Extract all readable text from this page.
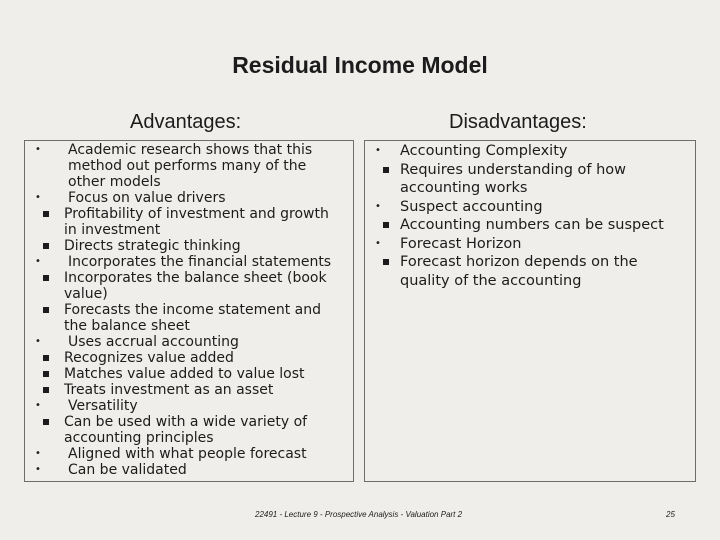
Residual Income Model
Advantages:	Disadvantages:
•	Academic research shows that this method out performs many of the other models
•	Focus on value drivers
Profitability of investment and growth in investment
Directs strategic thinking
•	Incorporates the financial statements
Incorporates the balance sheet (book value)
Forecasts the income statement and the balance sheet
•	Uses accrual accounting
Recognizes value added
Matches value added to value lost
Treats investment as an asset
•	Versatility
Can be used with a wide variety of accounting principles
•	Aligned with what people forecast
•	Can be validated
•	Accounting Complexity
Requires understanding of how accounting works
•	Suspect accounting
Accounting numbers can be suspect
•	Forecast Horizon
Forecast horizon depends on the quality of the accounting
22491 - Lecture 9 - Prospective Analysis - Valuation Part 2	25
